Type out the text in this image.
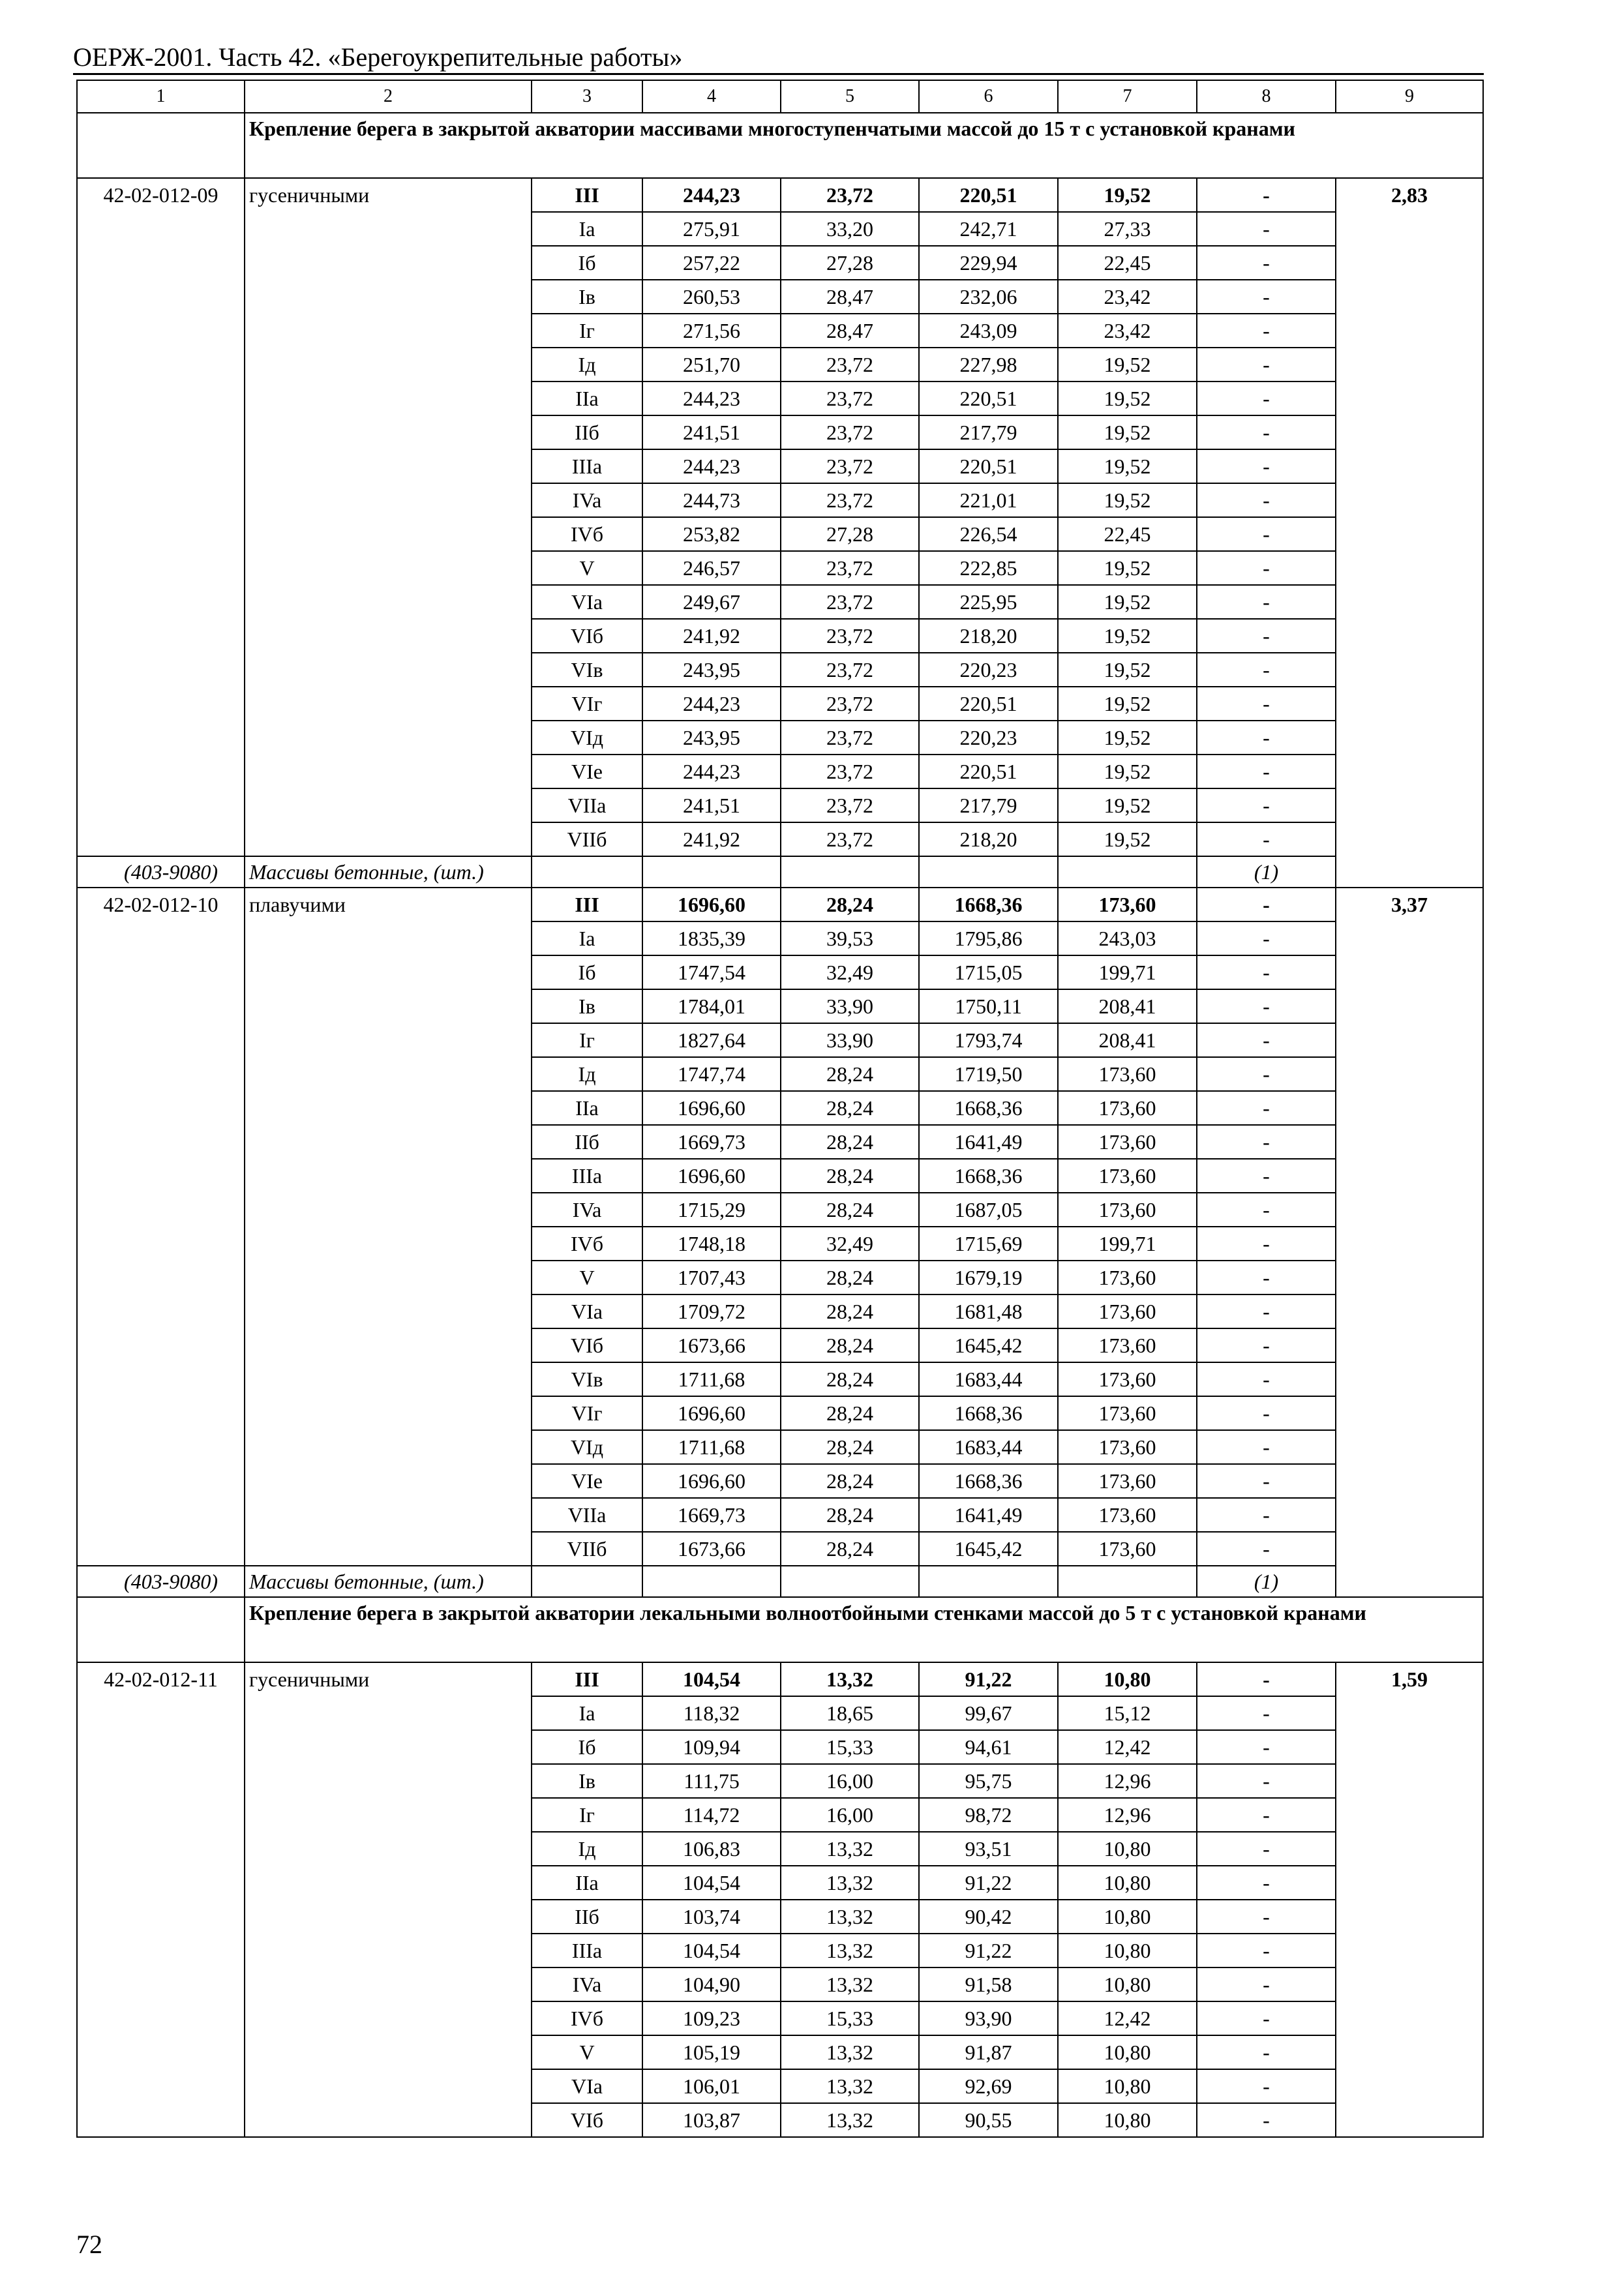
ОЕРЖ-2001. Часть 42. «Берегоукрепительные работы»
1	2	3	4	5	6	7	8	9
	Крепление берега в закрытой акватории массивами многоступенчатыми массой до 15 т с установкой кранами							
42-02-012-09	гусеничными	III	244,23	23,72	220,51	19,52	-	2,83
		Ia	275,91	33,20	242,71	27,33	-	
		Iб	257,22	27,28	229,94	22,45	-	
		Iв	260,53	28,47	232,06	23,42	-	
		Iг	271,56	28,47	243,09	23,42	-	
		Iд	251,70	23,72	227,98	19,52	-	
		IIa	244,23	23,72	220,51	19,52	-	
		IIб	241,51	23,72	217,79	19,52	-	
		IIIa	244,23	23,72	220,51	19,52	-	
		IVa	244,73	23,72	221,01	19,52	-	
		IVб	253,82	27,28	226,54	22,45	-	
		V	246,57	23,72	222,85	19,52	-	
		VIa	249,67	23,72	225,95	19,52	-	
		VIб	241,92	23,72	218,20	19,52	-	
		VIв	243,95	23,72	220,23	19,52	-	
		VIг	244,23	23,72	220,51	19,52	-	
		VIд	243,95	23,72	220,23	19,52	-	
		VIe	244,23	23,72	220,51	19,52	-	
		VIIa	241,51	23,72	217,79	19,52	-	
		VIIб	241,92	23,72	218,20	19,52	-	
(403-9080)	Массивы бетонные, (шт.)						(1)	
42-02-012-10	плавучими	III	1696,60	28,24	1668,36	173,60	-	3,37
		Ia	1835,39	39,53	1795,86	243,03	-	
		Iб	1747,54	32,49	1715,05	199,71	-	
		Iв	1784,01	33,90	1750,11	208,41	-	
		Iг	1827,64	33,90	1793,74	208,41	-	
		Iд	1747,74	28,24	1719,50	173,60	-	
		IIa	1696,60	28,24	1668,36	173,60	-	
		IIб	1669,73	28,24	1641,49	173,60	-	
		IIIa	1696,60	28,24	1668,36	173,60	-	
		IVa	1715,29	28,24	1687,05	173,60	-	
		IVб	1748,18	32,49	1715,69	199,71	-	
		V	1707,43	28,24	1679,19	173,60	-	
		VIa	1709,72	28,24	1681,48	173,60	-	
		VIб	1673,66	28,24	1645,42	173,60	-	
		VIв	1711,68	28,24	1683,44	173,60	-	
		VIг	1696,60	28,24	1668,36	173,60	-	
		VIд	1711,68	28,24	1683,44	173,60	-	
		VIe	1696,60	28,24	1668,36	173,60	-	
		VIIa	1669,73	28,24	1641,49	173,60	-	
		VIIб	1673,66	28,24	1645,42	173,60	-	
(403-9080)	Массивы бетонные, (шт.)						(1)	
	Крепление берега в закрытой акватории лекальными волноотбойными стенками массой до 5 т с установкой кранами							
42-02-012-11	гусеничными	III	104,54	13,32	91,22	10,80	-	1,59
		Ia	118,32	18,65	99,67	15,12	-	
		Iб	109,94	15,33	94,61	12,42	-	
		Iв	111,75	16,00	95,75	12,96	-	
		Iг	114,72	16,00	98,72	12,96	-	
		Iд	106,83	13,32	93,51	10,80	-	
		IIa	104,54	13,32	91,22	10,80	-	
		IIб	103,74	13,32	90,42	10,80	-	
		IIIa	104,54	13,32	91,22	10,80	-	
		IVa	104,90	13,32	91,58	10,80	-	
		IVб	109,23	15,33	93,90	12,42	-	
		V	105,19	13,32	91,87	10,80	-	
		VIa	106,01	13,32	92,69	10,80	-	
		VIб	103,87	13,32	90,55	10,80	-	
72
